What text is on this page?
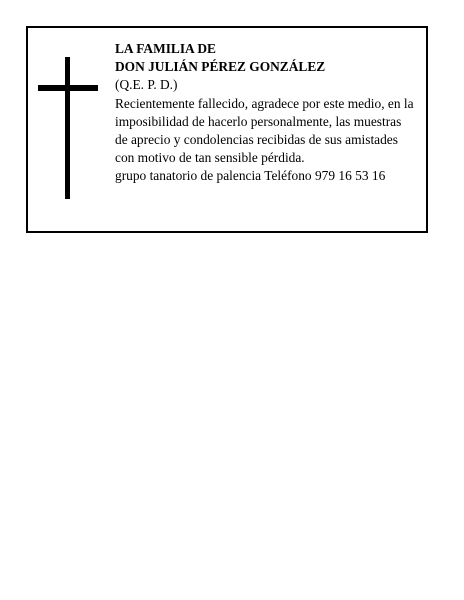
LA FAMILIA DE
DON JULIÁN PÉREZ GONZÁLEZ
(Q.E. P. D.)
Recientemente fallecido, agradece por este medio, en la
imposibilidad de hacerlo personalmente, las muestras
de aprecio y condolencias recibidas de sus amistades
con motivo de tan sensible pérdida.
grupo tanatorio de palencia Teléfono 979 16 53 16
